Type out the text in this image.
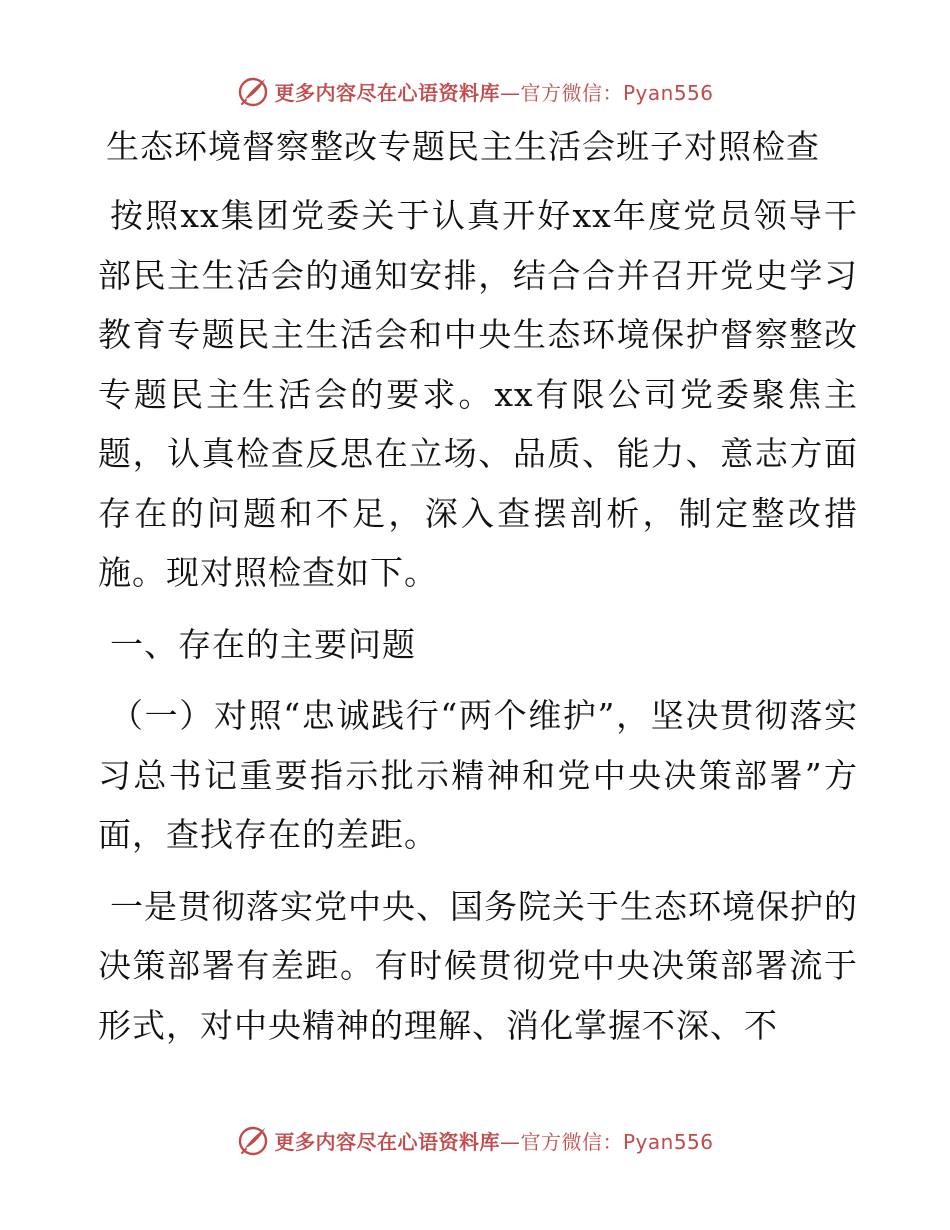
更多内容尽在心语资料库—官方微信：Pyan556
生态环境督察整改专题民主生活会班子对照检查

按照xx集团党委关于认真开好xx年度党员领导干部民主生活会的通知安排，结合合并召开党史学习教育专题民主生活会和中央生态环境保护督察整改专题民主生活会的要求。xx有限公司党委聚焦主题，认真检查反思在立场、品质、能力、意志方面存在的问题和不足，深入查摆剖析，制定整改措施。现对照检查如下。

一、存在的主要问题

（一）对照“忠诚践行“两个维护”，坚决贯彻落实习总书记重要指示批示精神和党中央决策部署”方面，查找存在的差距。

一是贯彻落实党中央、国务院关于生态环境保护的决策部署有差距。有时候贯彻党中央决策部署流于形式，对中央精神的理解、消化掌握不深、不

更多内容尽在心语资料库—官方微信：Pyan556
